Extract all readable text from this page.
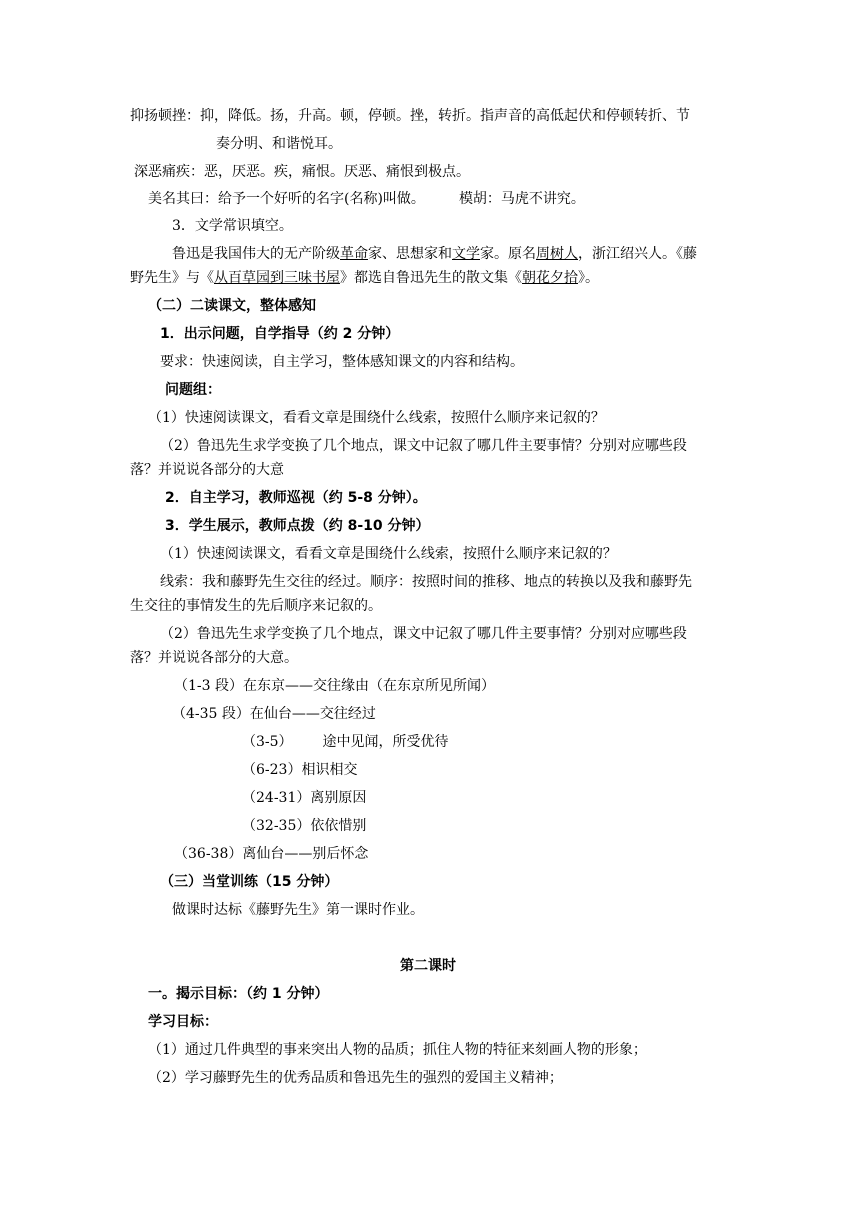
抑扬顿挫：抑，降低。扬，升高。顿，停顿。挫，转折。指声音的高低起伏和停顿转折、节
奏分明、和谐悦耳。
深恶痛疾：恶，厌恶。疾，痛恨。厌恶、痛恨到极点。
美名其曰：给予一个好听的名字(名称)叫做。 模胡：马虎不讲究。
3．文学常识填空。
鲁迅是我国伟大的无产阶级革命家、思想家和文学家。原名周树人，浙江绍兴人。《藤
野先生》与《从百草园到三味书屋》都选自鲁迅先生的散文集《朝花夕拾》。
（二）二读课文，整体感知
1．出示问题，自学指导（约 2 分钟）
要求：快速阅读，自主学习，整体感知课文的内容和结构。
问题组：
（1）快速阅读课文，看看文章是围绕什么线索，按照什么顺序来记叙的？
（2）鲁迅先生求学变换了几个地点，课文中记叙了哪几件主要事情？分别对应哪些段
落？并说说各部分的大意
2．自主学习，教师巡视（约 5-8 分钟）。
3．学生展示，教师点拨（约 8-10 分钟）
（1）快速阅读课文，看看文章是围绕什么线索，按照什么顺序来记叙的？
线索：我和藤野先生交往的经过。顺序：按照时间的推移、地点的转换以及我和藤野先
生交往的事情发生的先后顺序来记叙的。
（2）鲁迅先生求学变换了几个地点，课文中记叙了哪几件主要事情？分别对应哪些段
落？并说说各部分的大意。
（1-3 段）在东京——交往缘由（在东京所见所闻）
（4-35 段）在仙台——交往经过
（3-5） 途中见闻，所受优待
（6-23）相识相交
（24-31）离别原因
（32-35）依依惜别
（36-38）离仙台——别后怀念
（三）当堂训练（15 分钟）
做课时达标《藤野先生》第一课时作业。
第二课时
一。揭示目标：（约 1 分钟）
学习目标：
（1）通过几件典型的事来突出人物的品质；抓住人物的特征来刻画人物的形象；
（2）学习藤野先生的优秀品质和鲁迅先生的强烈的爱国主义精神；
